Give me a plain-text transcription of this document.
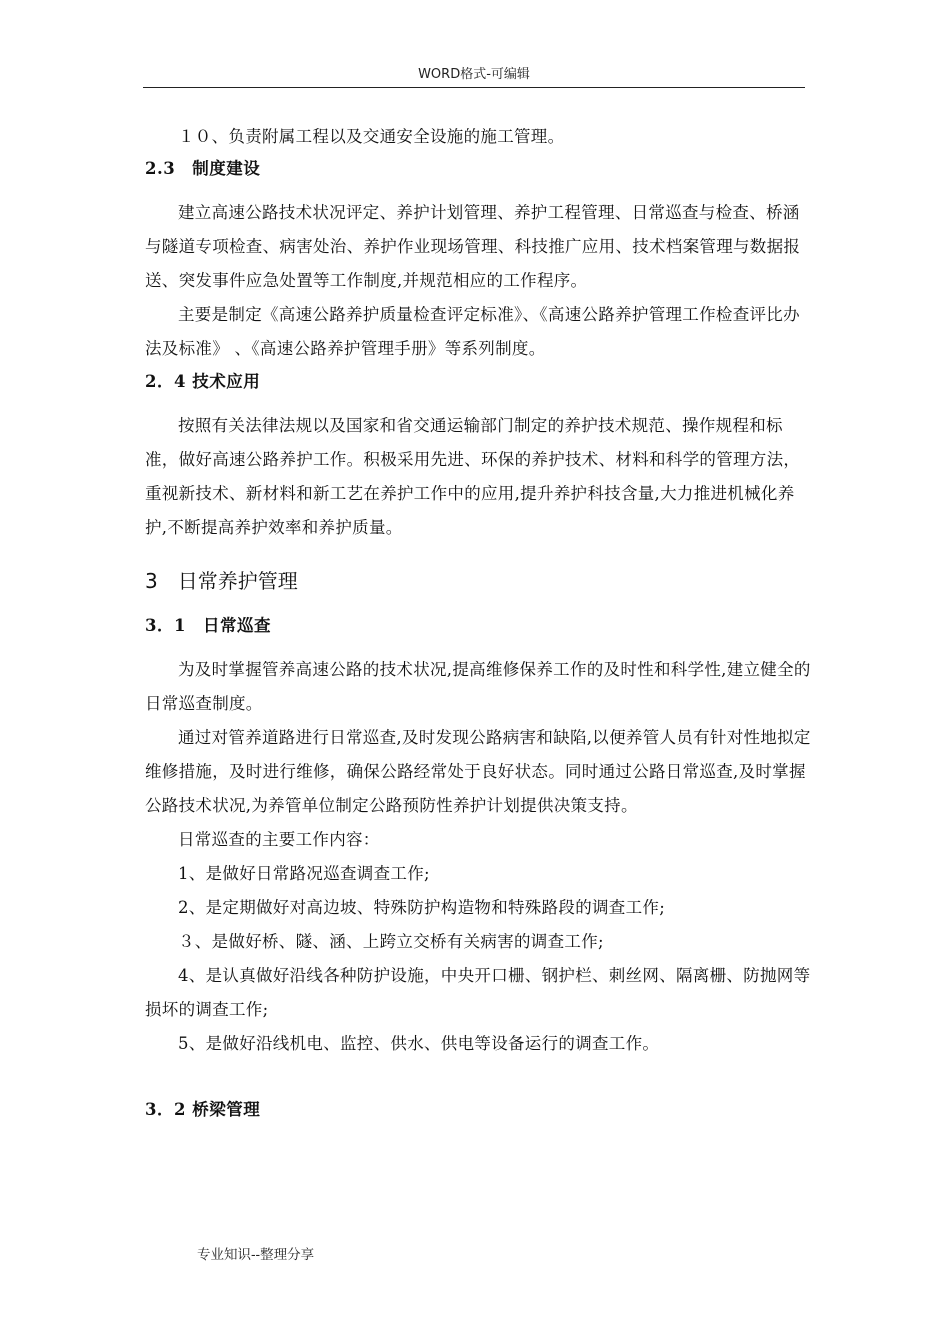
WORD格式-可编辑

１０、负责附属工程以及交通安全设施的施工管理。

2.3　制度建设

建立高速公路技术状况评定、养护计划管理、养护工程管理、日常巡查与检查、桥涵与隧道专项检查、病害处治、养护作业现场管理、科技推广应用、技术档案管理与数据报送、突发事件应急处置等工作制度,并规范相应的工作程序。

主要是制定《高速公路养护质量检查评定标准》、《高速公路养护管理工作检查评比办法及标准》 、《高速公路养护管理手册》等系列制度。

2．4 技术应用

按照有关法律法规以及国家和省交通运输部门制定的养护技术规范、操作规程和标准，做好高速公路养护工作。积极采用先进、环保的养护技术、材料和科学的管理方法，重视新技术、新材料和新工艺在养护工作中的应用,提升养护科技含量,大力推进机械化养护,不断提高养护效率和养护质量。

3　日常养护管理

3．1　日常巡查

为及时掌握管养高速公路的技术状况,提高维修保养工作的及时性和科学性,建立健全的日常巡查制度。

通过对管养道路进行日常巡查,及时发现公路病害和缺陷,以便养管人员有针对性地拟定维修措施，及时进行维修，确保公路经常处于良好状态。同时通过公路日常巡查,及时掌握公路技术状况,为养管单位制定公路预防性养护计划提供决策支持。

日常巡查的主要工作内容：

1、是做好日常路况巡查调查工作;

2、是定期做好对高边坡、特殊防护构造物和特殊路段的调查工作;

３、是做好桥、隧、涵、上跨立交桥有关病害的调查工作;

4、是认真做好沿线各种防护设施，中央开口栅、钢护栏、刺丝网、隔离栅、防抛网等损坏的调查工作;

5、是做好沿线机电、监控、供水、供电等设备运行的调查工作。

3．2 桥梁管理

专业知识--整理分享
